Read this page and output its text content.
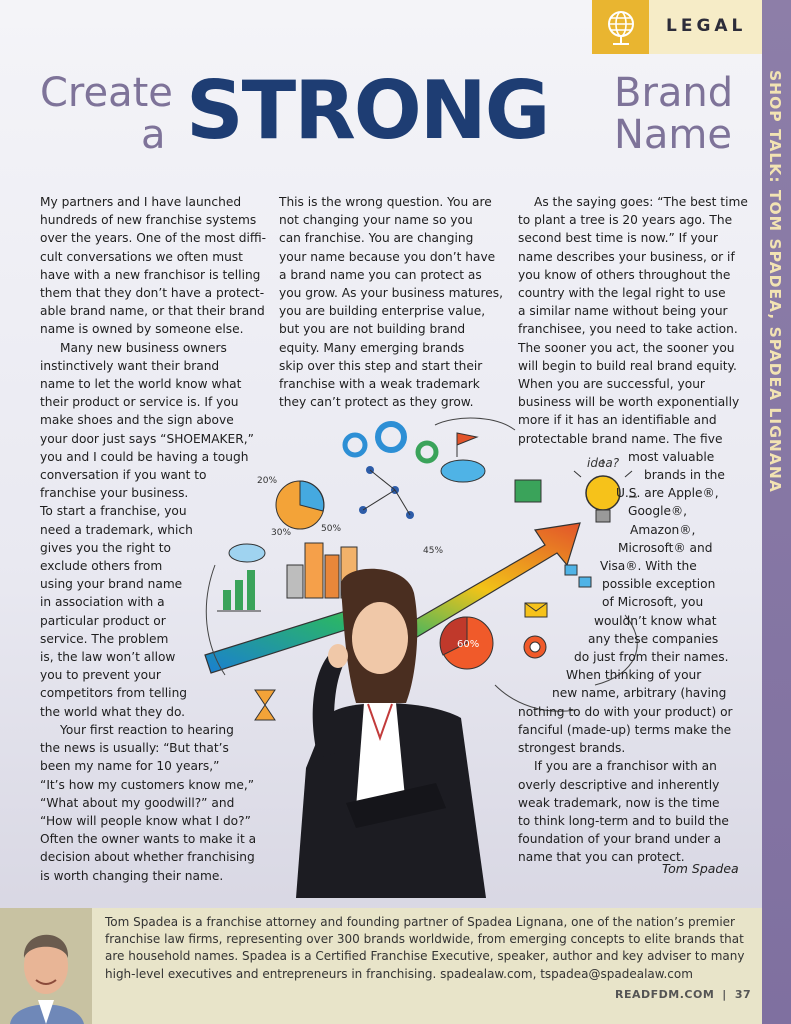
SHOP TALK: TOM SPADEA, SPADEA LIGNANA
LEGAL
Create
a STRONG Brand
Name
idea?
20%
30%	50%
45%
60%
My partners and I have launched
hundreds of new franchise systems
over the years. One of the most diffi-
cult conversations we often must
have with a new franchisor is telling
them that they don’t have a protect-
able brand name, or that their brand
name is owned by someone else.
Many new business owners
instinctively want their brand
name to let the world know what
their product or service is. If you
make shoes and the sign above
your door just says “SHOEMAKER,”
you and I could be having a tough
conversation if you want to
franchise your business.
To start a franchise, you
need a trademark, which
gives you the right to
exclude others from
using your brand name
in association with a
particular product or
service. The problem
is, the law won’t allow
you to prevent your
competitors from telling
the world what they do.
Your first reaction to hearing
the news is usually: “But that’s
been my name for 10 years,”
“It’s how my customers know me,”
“What about my goodwill?” and
“How will people know what I do?”
Often the owner wants to make it a
decision about whether franchising
is worth changing their name.
This is the wrong question. You are
not changing your name so you
can franchise. You are changing
your name because you don’t have
a brand name you can protect as
you grow. As your business matures,
you are building enterprise value,
but you are not building brand
equity. Many emerging brands
skip over this step and start their
franchise with a weak trademark
they can’t protect as they grow.
As the saying goes: “The best time
to plant a tree is 20 years ago. The
second best time is now.” If your
name describes your business, or if
you know of others throughout the
country with the legal right to use
a similar name without being your
franchisee, you need to take action.
The sooner you act, the sooner you
will begin to build real brand equity.
When you are successful, your
business will be worth exponentially
more if it has an identifiable and
protectable brand name. The five
most valuable
brands in the
U.S. are Apple®,
Google®,
Amazon®,
Microsoft® and
Visa®. With the
possible exception
of Microsoft, you
wouldn’t know what
any these companies
do just from their names.
When thinking of your
new name, arbitrary (having
nothing to do with your product) or
fanciful (made-up) terms make the
strongest brands.
If you are a franchisor with an
overly descriptive and inherently
weak trademark, now is the time
to think long-term and to build the
foundation of your brand under a
name that you can protect.
Tom Spadea
Tom Spadea is a franchise attorney and founding partner of Spadea Lignana, one of the nation’s premier
franchise law firms, representing over 300 brands worldwide, from emerging concepts to elite brands that
are household names. Spadea is a Certified Franchise Executive, speaker, author and key adviser to many
high-level executives and entrepreneurs in franchising. spadealaw.com, tspadea@spadealaw.com
READFDM.COM | 37
